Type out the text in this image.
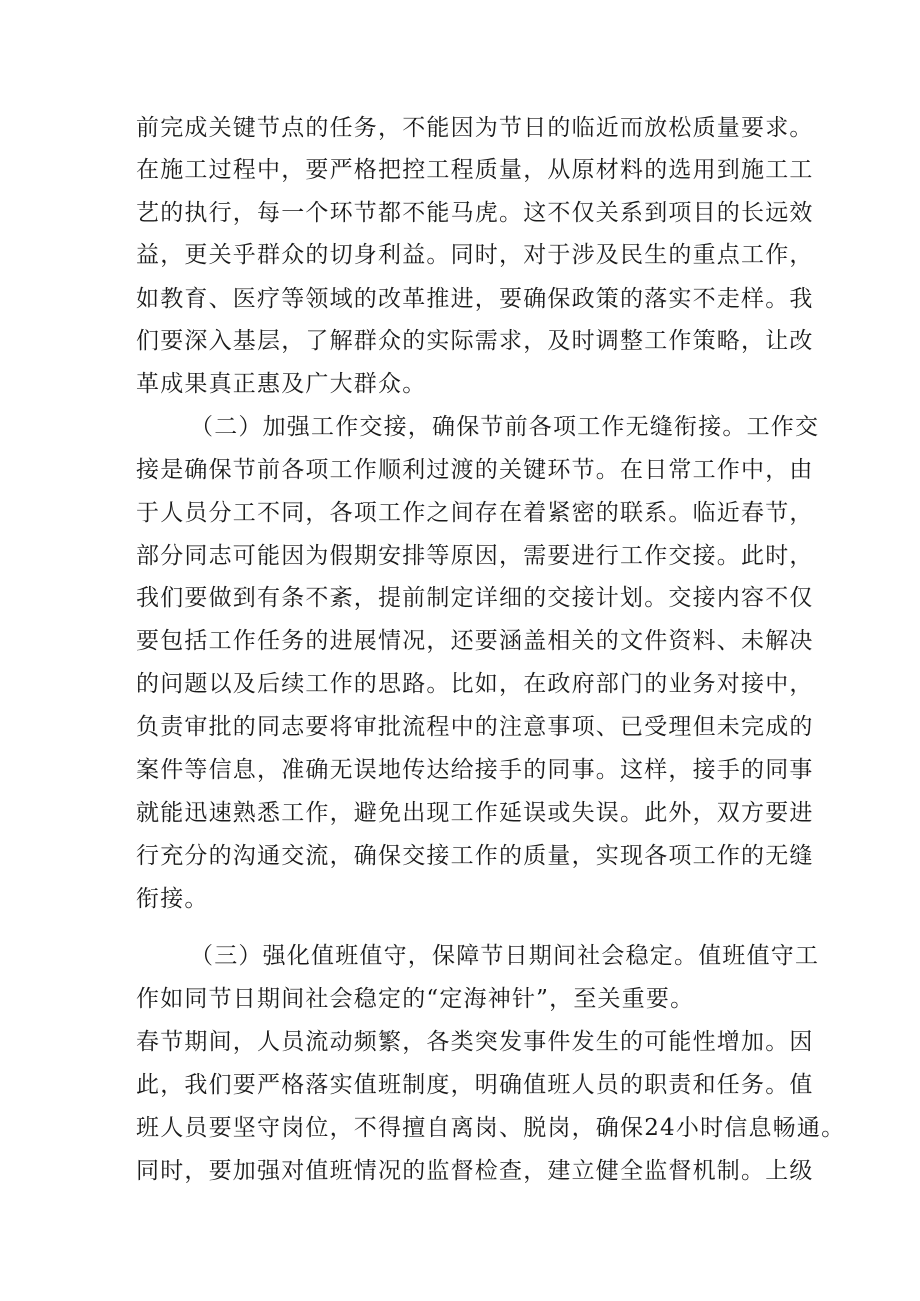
前完成关键节点的任务，不能因为节日的临近而放松质量要求。
在施工过程中，要严格把控工程质量，从原材料的选用到施工工
艺的执行，每一个环节都不能马虎。这不仅关系到项目的长远效
益，更关乎群众的切身利益。同时，对于涉及民生的重点工作，
如教育、医疗等领域的改革推进，要确保政策的落实不走样。我
们要深入基层，了解群众的实际需求，及时调整工作策略，让改
革成果真正惠及广大群众。
（二）加强工作交接，确保节前各项工作无缝衔接。工作交
接是确保节前各项工作顺利过渡的关键环节。在日常工作中，由
于人员分工不同，各项工作之间存在着紧密的联系。临近春节，
部分同志可能因为假期安排等原因，需要进行工作交接。此时，
我们要做到有条不紊，提前制定详细的交接计划。交接内容不仅
要包括工作任务的进展情况，还要涵盖相关的文件资料、未解决
的问题以及后续工作的思路。比如，在政府部门的业务对接中，
负责审批的同志要将审批流程中的注意事项、已受理但未完成的
案件等信息，准确无误地传达给接手的同事。这样，接手的同事
就能迅速熟悉工作，避免出现工作延误或失误。此外，双方要进
行充分的沟通交流，确保交接工作的质量，实现各项工作的无缝
衔接。
（三）强化值班值守，保障节日期间社会稳定。值班值守工
作如同节日期间社会稳定的“定海神针”，至关重要。
春节期间，人员流动频繁，各类突发事件发生的可能性增加。因
此，我们要严格落实值班制度，明确值班人员的职责和任务。值
班人员要坚守岗位，不得擅自离岗、脱岗，确保24小时信息畅通。
同时，要加强对值班情况的监督检查，建立健全监督机制。上级
